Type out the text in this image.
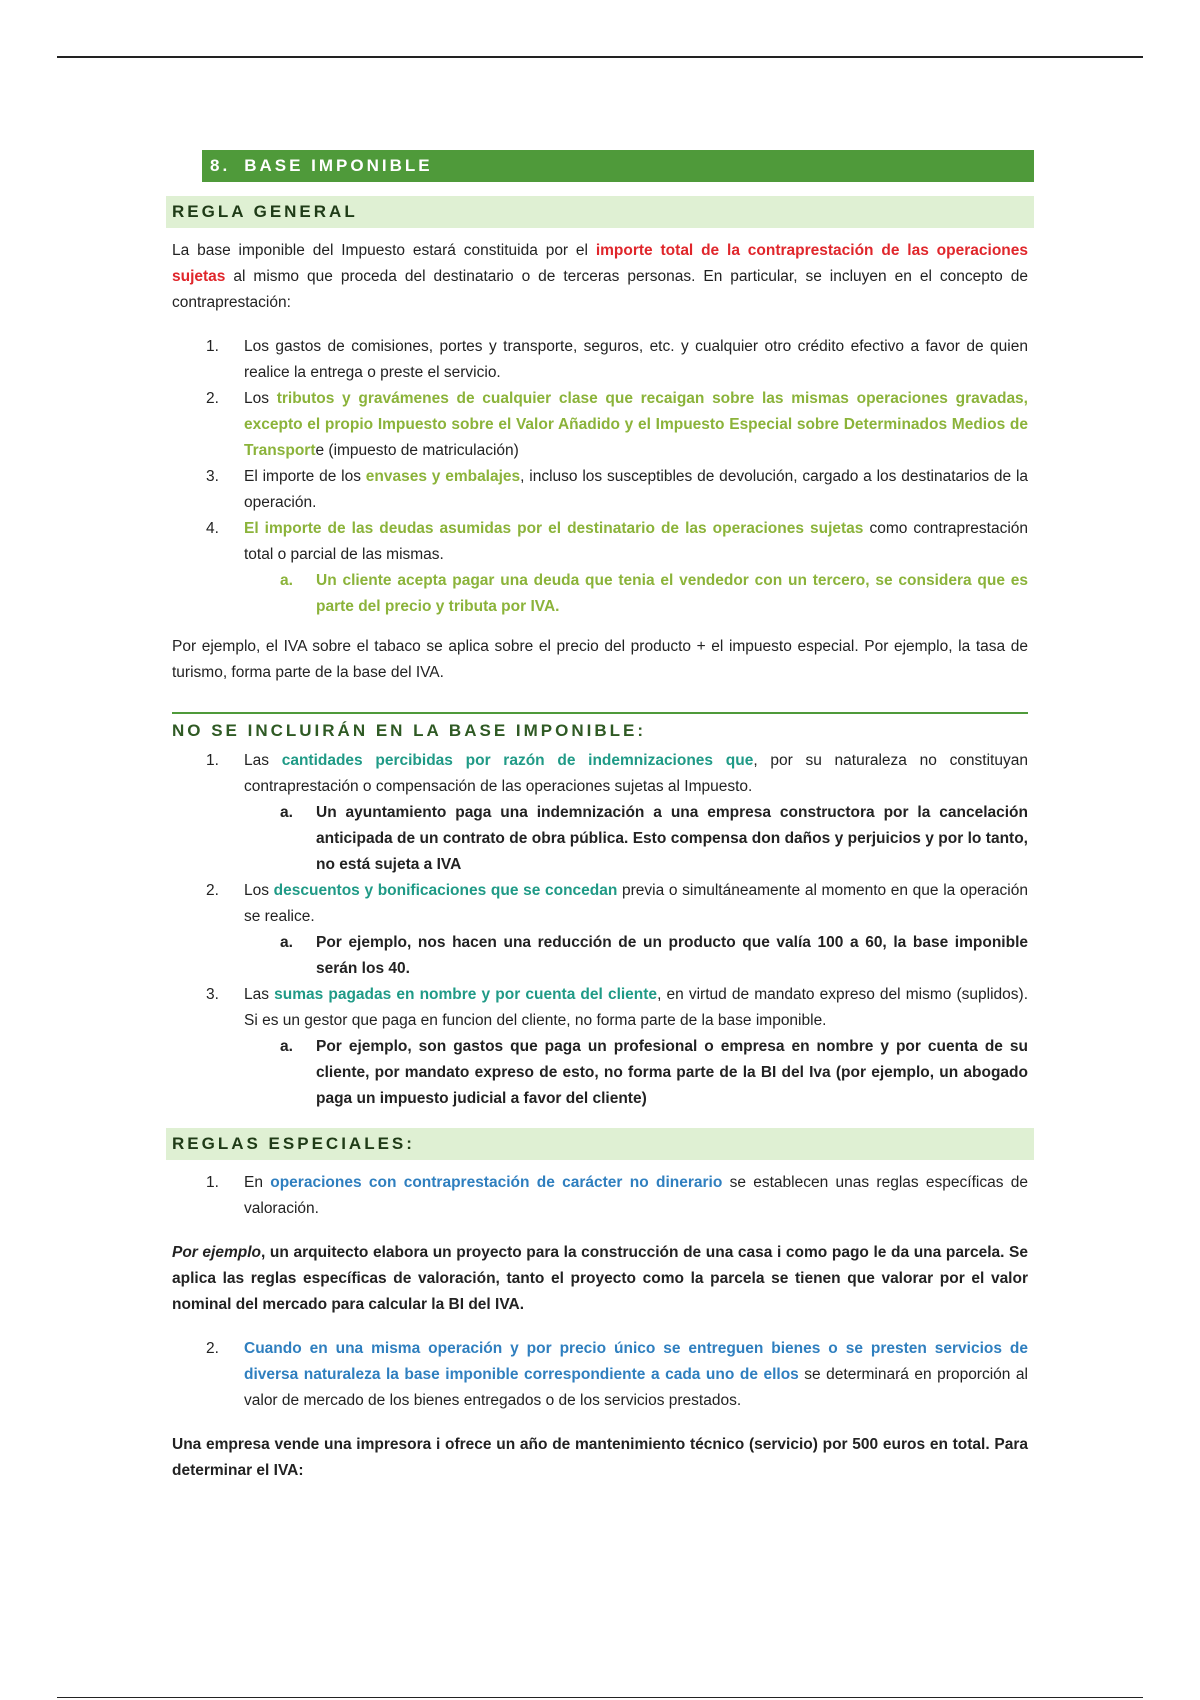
8. BASE IMPONIBLE
REGLA GENERAL

La base imponible del Impuesto estará constituida por el importe total de la contraprestación de las operaciones sujetas al mismo que proceda del destinatario o de terceras personas. En particular, se incluyen en el concepto de contraprestación:

1. Los gastos de comisiones, portes y transporte, seguros, etc. y cualquier otro crédito efectivo a favor de quien realice la entrega o preste el servicio.
2. Los tributos y gravámenes de cualquier clase que recaigan sobre las mismas operaciones gravadas, excepto el propio Impuesto sobre el Valor Añadido y el Impuesto Especial sobre Determinados Medios de Transporte (impuesto de matriculación)
3. El importe de los envases y embalajes, incluso los susceptibles de devolución, cargado a los destinatarios de la operación.
4. El importe de las deudas asumidas por el destinatario de las operaciones sujetas como contraprestación total o parcial de las mismas.
a. Un cliente acepta pagar una deuda que tenia el vendedor con un tercero, se considera que es parte del precio y tributa por IVA.

Por ejemplo, el IVA sobre el tabaco se aplica sobre el precio del producto + el impuesto especial. Por ejemplo, la tasa de turismo, forma parte de la base del IVA.

NO SE INCLUIRÁN EN LA BASE IMPONIBLE:
1. Las cantidades percibidas por razón de indemnizaciones que, por su naturaleza no constituyan contraprestación o compensación de las operaciones sujetas al Impuesto.
a. Un ayuntamiento paga una indemnización a una empresa constructora por la cancelación anticipada de un contrato de obra pública. Esto compensa don daños y perjuicios y por lo tanto, no está sujeta a IVA
2. Los descuentos y bonificaciones que se concedan previa o simultáneamente al momento en que la operación se realice.
a. Por ejemplo, nos hacen una reducción de un producto que valía 100 a 60, la base imponible serán los 40.
3. Las sumas pagadas en nombre y por cuenta del cliente, en virtud de mandato expreso del mismo (suplidos). Si es un gestor que paga en funcion del cliente, no forma parte de la base imponible.
a. Por ejemplo, son gastos que paga un profesional o empresa en nombre y por cuenta de su cliente, por mandato expreso de esto, no forma parte de la BI del Iva (por ejemplo, un abogado paga un impuesto judicial a favor del cliente)
REGLAS ESPECIALES:
1. En operaciones con contraprestación de carácter no dinerario se establecen unas reglas específicas de valoración.

Por ejemplo, un arquitecto elabora un proyecto para la construcción de una casa i como pago le da una parcela. Se aplica las reglas específicas de valoración, tanto el proyecto como la parcela se tienen que valorar por el valor nominal del mercado para calcular la BI del IVA.

2. Cuando en una misma operación y por precio único se entreguen bienes o se presten servicios de diversa naturaleza la base imponible correspondiente a cada uno de ellos se determinará en proporción al valor de mercado de los bienes entregados o de los servicios prestados.

Una empresa vende una impresora i ofrece un año de mantenimiento técnico (servicio) por 500 euros en total. Para determinar el IVA:
